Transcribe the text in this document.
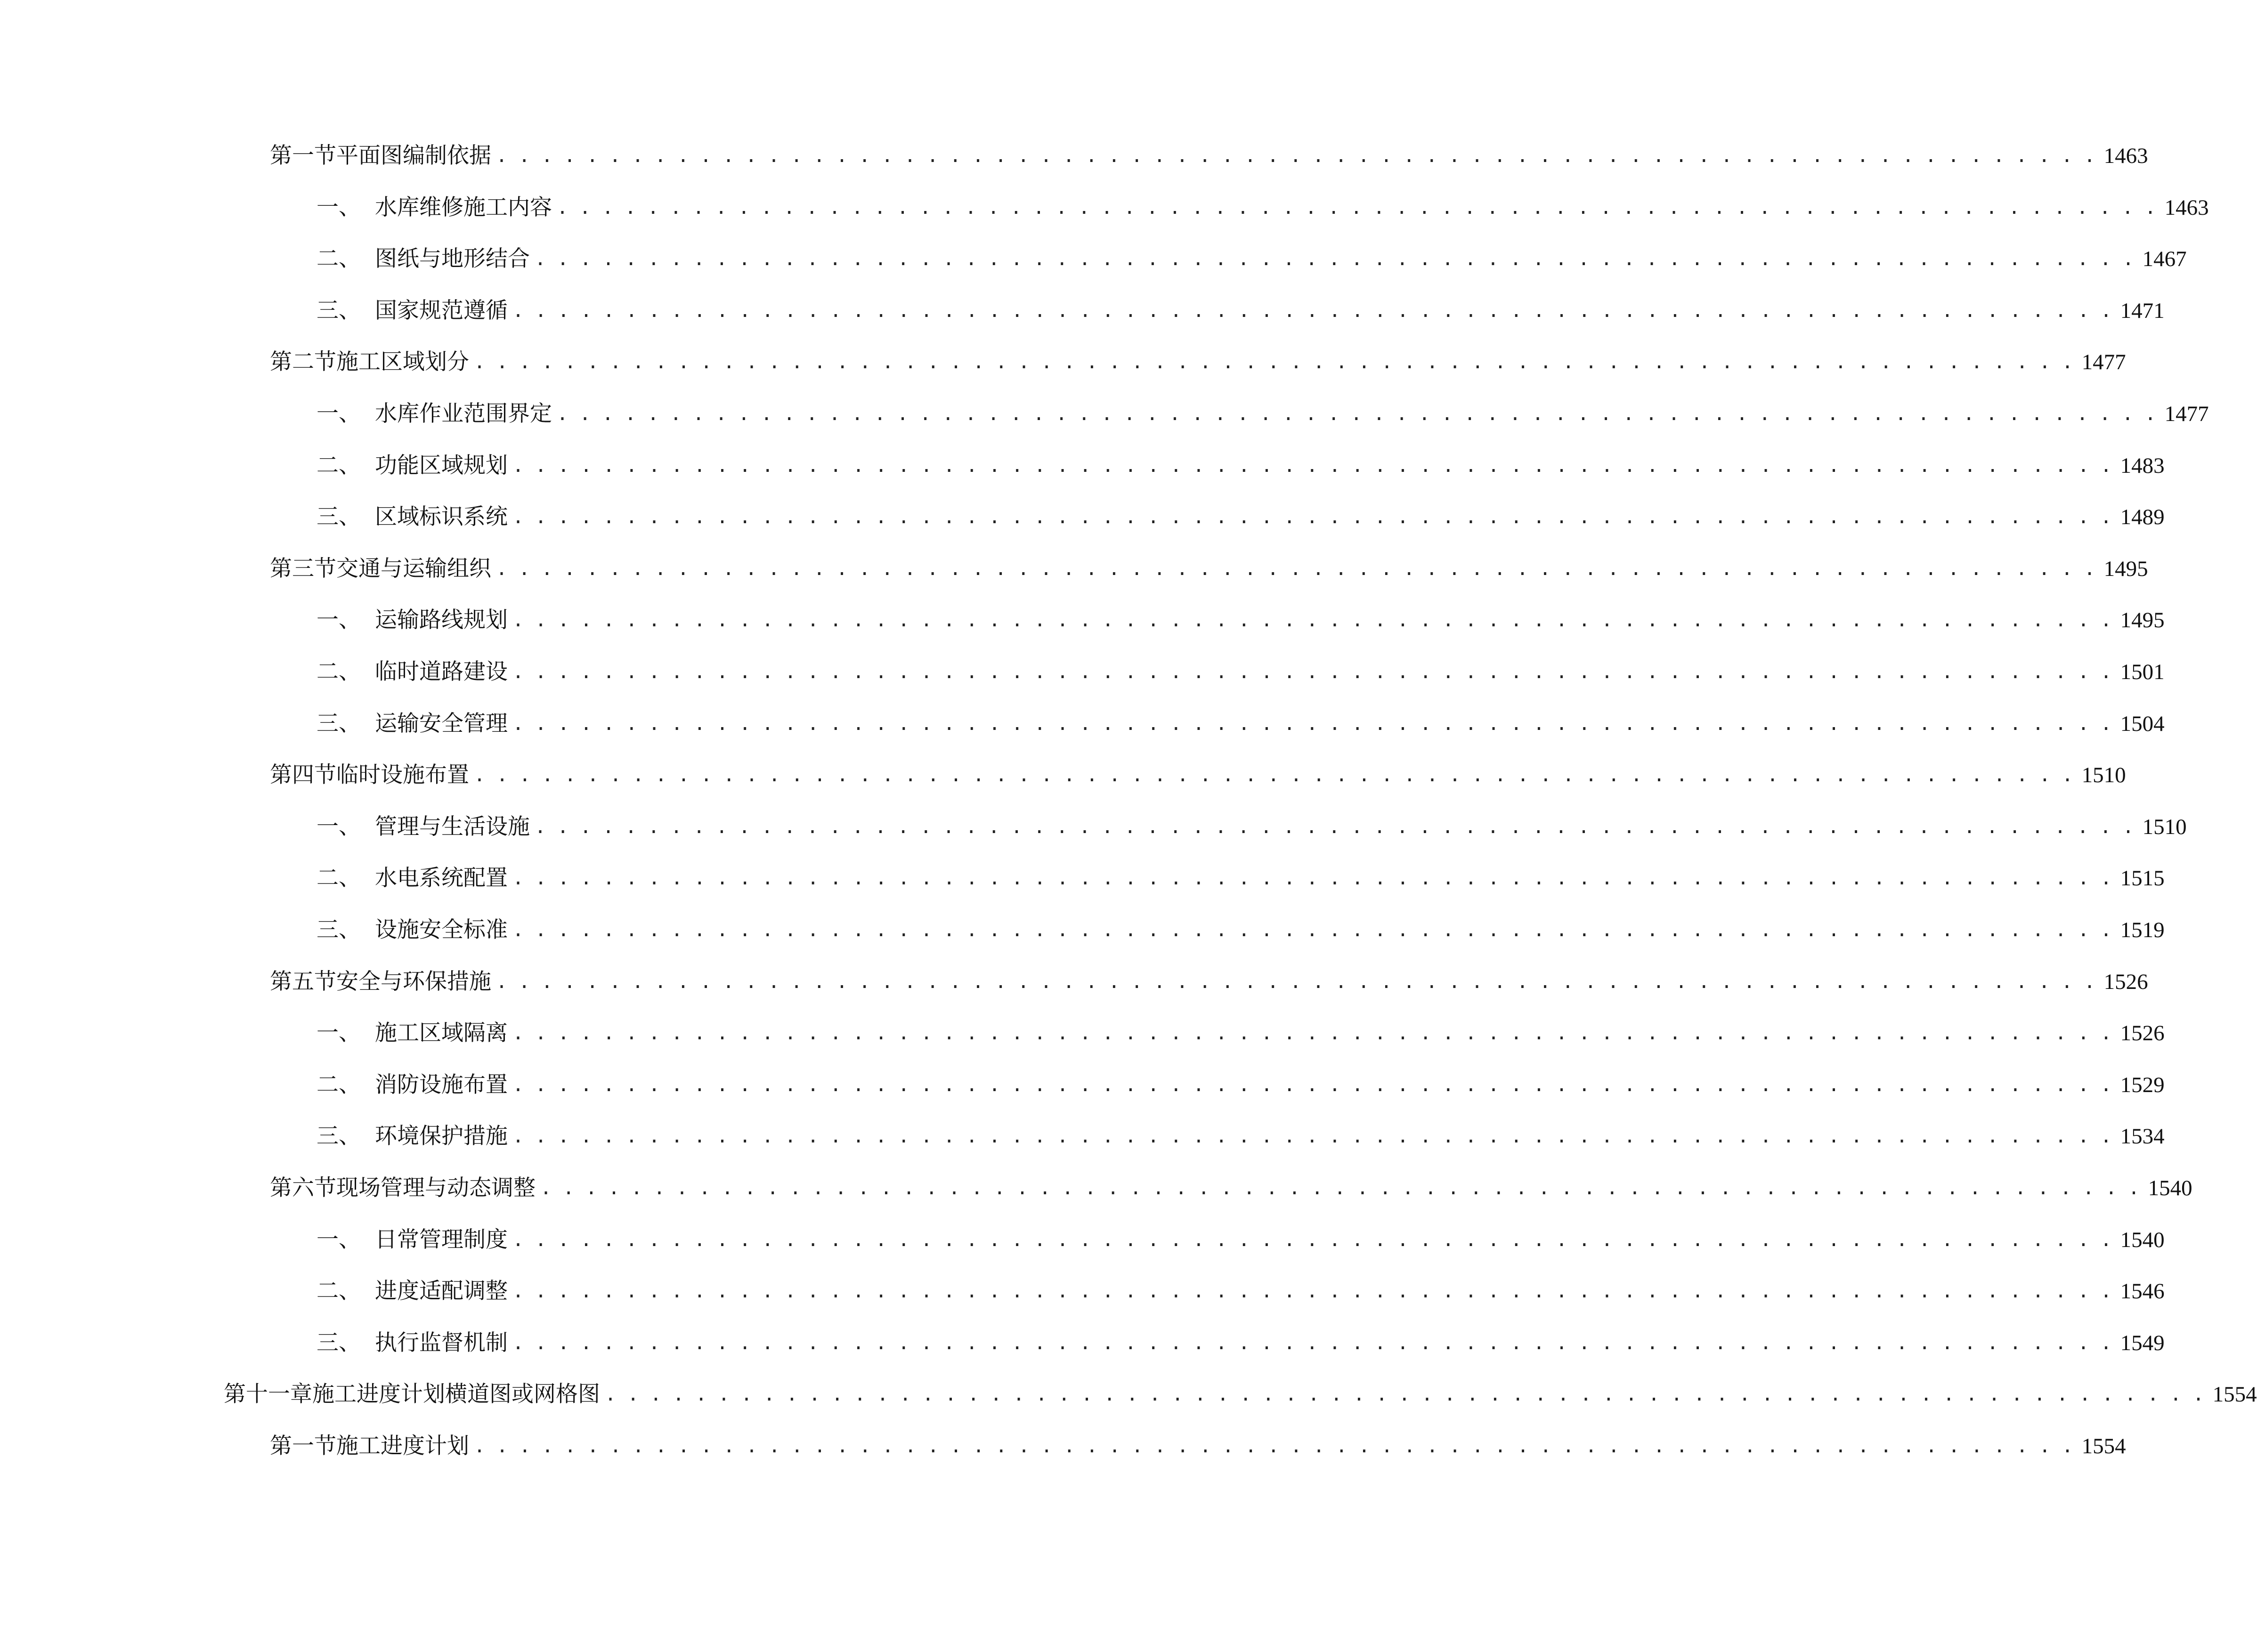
第一节 平面图编制依据 . . . . . . . . . . . . . . . . . . . . . . . . . . . . . . . . . . . . . . . . . . . . . . . . . . . . . . . . . . . . . . . . . . . . . . . 1463
一、 水库维修施工内容 . . . . . . . . . . . . . . . . . . . . . . . . . . . . . . . . . . . . . . . . . . . . . . . . . . . . . . . . . . . . . . . . . . . . . . . 1463
二、 图纸与地形结合 . . . . . . . . . . . . . . . . . . . . . . . . . . . . . . . . . . . . . . . . . . . . . . . . . . . . . . . . . . . . . . . . . . . . . . . 1467
三、 国家规范遵循 . . . . . . . . . . . . . . . . . . . . . . . . . . . . . . . . . . . . . . . . . . . . . . . . . . . . . . . . . . . . . . . . . . . . . . . 1471
第二节 施工区域划分 . . . . . . . . . . . . . . . . . . . . . . . . . . . . . . . . . . . . . . . . . . . . . . . . . . . . . . . . . . . . . . . . . . . . . . . 1477
一、 水库作业范围界定 . . . . . . . . . . . . . . . . . . . . . . . . . . . . . . . . . . . . . . . . . . . . . . . . . . . . . . . . . . . . . . . . . . . . . . . 1477
二、 功能区域规划 . . . . . . . . . . . . . . . . . . . . . . . . . . . . . . . . . . . . . . . . . . . . . . . . . . . . . . . . . . . . . . . . . . . . . . . 1483
三、 区域标识系统 . . . . . . . . . . . . . . . . . . . . . . . . . . . . . . . . . . . . . . . . . . . . . . . . . . . . . . . . . . . . . . . . . . . . . . . 1489
第三节 交通与运输组织 . . . . . . . . . . . . . . . . . . . . . . . . . . . . . . . . . . . . . . . . . . . . . . . . . . . . . . . . . . . . . . . . . . . . . . . 1495
一、 运输路线规划 . . . . . . . . . . . . . . . . . . . . . . . . . . . . . . . . . . . . . . . . . . . . . . . . . . . . . . . . . . . . . . . . . . . . . . . 1495
二、 临时道路建设 . . . . . . . . . . . . . . . . . . . . . . . . . . . . . . . . . . . . . . . . . . . . . . . . . . . . . . . . . . . . . . . . . . . . . . . 1501
三、 运输安全管理 . . . . . . . . . . . . . . . . . . . . . . . . . . . . . . . . . . . . . . . . . . . . . . . . . . . . . . . . . . . . . . . . . . . . . . . 1504
第四节 临时设施布置 . . . . . . . . . . . . . . . . . . . . . . . . . . . . . . . . . . . . . . . . . . . . . . . . . . . . . . . . . . . . . . . . . . . . . . . 1510
一、 管理与生活设施 . . . . . . . . . . . . . . . . . . . . . . . . . . . . . . . . . . . . . . . . . . . . . . . . . . . . . . . . . . . . . . . . . . . . . . . 1510
二、 水电系统配置 . . . . . . . . . . . . . . . . . . . . . . . . . . . . . . . . . . . . . . . . . . . . . . . . . . . . . . . . . . . . . . . . . . . . . . . 1515
三、 设施安全标准 . . . . . . . . . . . . . . . . . . . . . . . . . . . . . . . . . . . . . . . . . . . . . . . . . . . . . . . . . . . . . . . . . . . . . . . 1519
第五节 安全与环保措施 . . . . . . . . . . . . . . . . . . . . . . . . . . . . . . . . . . . . . . . . . . . . . . . . . . . . . . . . . . . . . . . . . . . . . . . 1526
一、 施工区域隔离 . . . . . . . . . . . . . . . . . . . . . . . . . . . . . . . . . . . . . . . . . . . . . . . . . . . . . . . . . . . . . . . . . . . . . . . 1526
二、 消防设施布置 . . . . . . . . . . . . . . . . . . . . . . . . . . . . . . . . . . . . . . . . . . . . . . . . . . . . . . . . . . . . . . . . . . . . . . . 1529
三、 环境保护措施 . . . . . . . . . . . . . . . . . . . . . . . . . . . . . . . . . . . . . . . . . . . . . . . . . . . . . . . . . . . . . . . . . . . . . . . 1534
第六节 现场管理与动态调整 . . . . . . . . . . . . . . . . . . . . . . . . . . . . . . . . . . . . . . . . . . . . . . . . . . . . . . . . . . . . . . . . . . . . . . . 1540
一、 日常管理制度 . . . . . . . . . . . . . . . . . . . . . . . . . . . . . . . . . . . . . . . . . . . . . . . . . . . . . . . . . . . . . . . . . . . . . . . 1540
二、 进度适配调整 . . . . . . . . . . . . . . . . . . . . . . . . . . . . . . . . . . . . . . . . . . . . . . . . . . . . . . . . . . . . . . . . . . . . . . . 1546
三、 执行监督机制 . . . . . . . . . . . . . . . . . . . . . . . . . . . . . . . . . . . . . . . . . . . . . . . . . . . . . . . . . . . . . . . . . . . . . . . 1549
第十一章 施工进度计划横道图或网格图 . . . . . . . . . . . . . . . . . . . . . . . . . . . . . . . . . . . . . . . . . . . . . . . . . . . . . . . . . . . . . . . . . . . . . . . 1554
第一节 施工进度计划 . . . . . . . . . . . . . . . . . . . . . . . . . . . . . . . . . . . . . . . . . . . . . . . . . . . . . . . . . . . . . . . . . . . . . . . 1554
